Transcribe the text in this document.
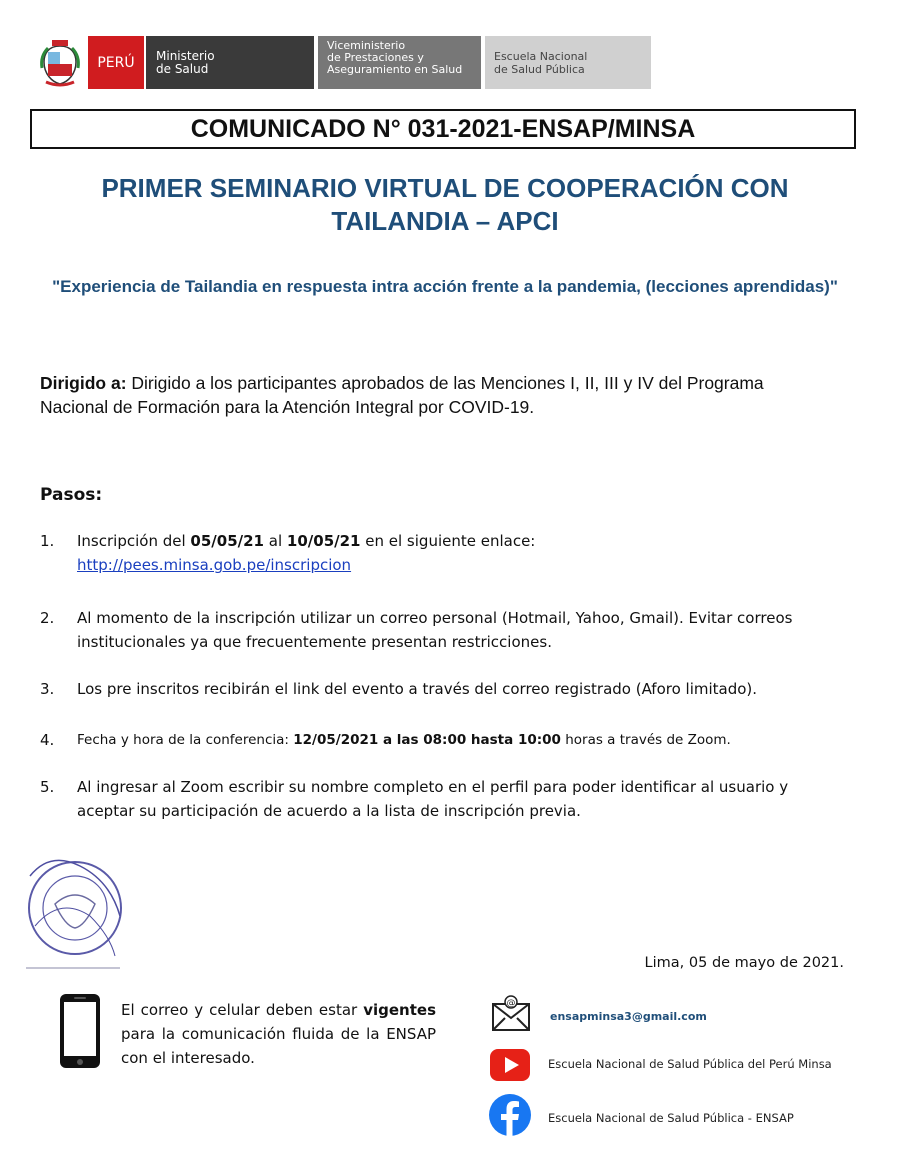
PERÚ	Ministerio
de Salud
Viceministerio
de Prestaciones y
Aseguramiento en Salud
Escuela Nacional
de Salud Pública
COMUNICADO N° 031-2021-ENSAP/MINSA
PRIMER SEMINARIO VIRTUAL DE COOPERACIÓN CON TAILANDIA – APCI
"Experiencia de Tailandia en respuesta intra acción frente a la pandemia, (lecciones aprendidas)"
Dirigido a: Dirigido a los participantes aprobados de las Menciones I, II, III y IV del Programa Nacional de Formación para la Atención Integral por COVID-19.
Pasos:
1. Inscripción del 05/05/21 al 10/05/21 en el siguiente enlace:
http://pees.minsa.gob.pe/inscripcion
2. Al momento de la inscripción utilizar un correo personal (Hotmail, Yahoo, Gmail). Evitar correos institucionales ya que frecuentemente presentan restricciones.
3. Los pre inscritos recibirán el link del evento a través del correo registrado (Aforo limitado).
4. Fecha y hora de la conferencia: 12/05/2021 a las 08:00 hasta 10:00 horas a través de Zoom.
5. Al ingresar al Zoom escribir su nombre completo en el perfil para poder identificar al usuario y aceptar su participación de acuerdo a la lista de inscripción previa.
Lima, 05 de mayo de 2021.
El correo y celular deben estar vigentes para la comunicación fluida de la ENSAP con el interesado.
@
ensapminsa3@gmail.com
Escuela Nacional de Salud Pública del Perú Minsa
Escuela Nacional de Salud Pública - ENSAP
